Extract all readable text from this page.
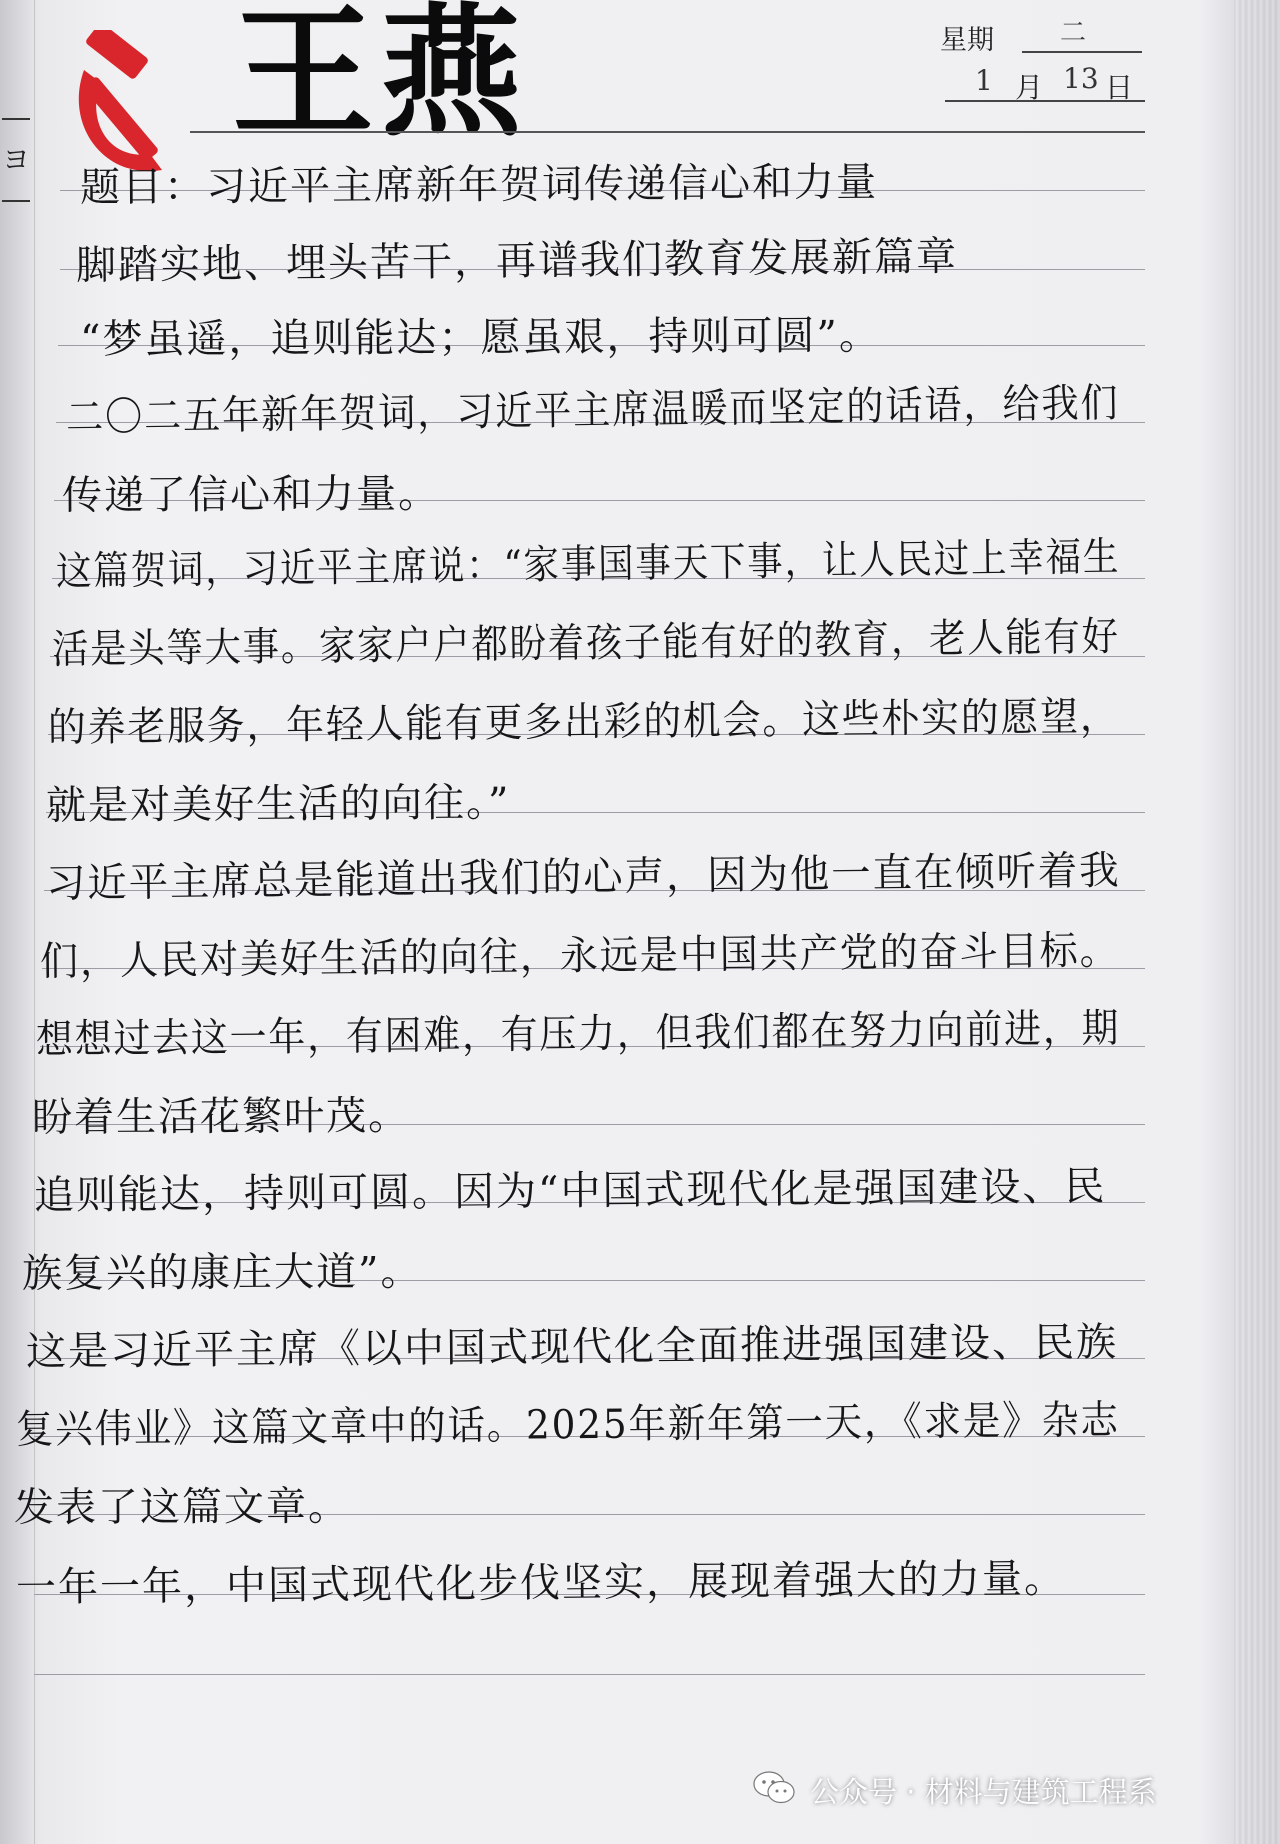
ヨ
王燕	星期	二
1 月 13 日
题目：习近平主席新年贺词传递信心和力量
脚踏实地、埋头苦干，再谱我们教育发展新篇章
“梦虽遥，追则能达；愿虽艰，持则可圆”。
二〇二五年新年贺词，习近平主席温暖而坚定的话语，给我们
传递了信心和力量。
这篇贺词，习近平主席说：“家事国事天下事，让人民过上幸福生
活是头等大事。家家户户都盼着孩子能有好的教育，老人能有好
的养老服务，年轻人能有更多出彩的机会。这些朴实的愿望，
就是对美好生活的向往。”
习近平主席总是能道出我们的心声，因为他一直在倾听着我
们，人民对美好生活的向往，永远是中国共产党的奋斗目标。
想想过去这一年，有困难，有压力，但我们都在努力向前进，期
盼着生活花繁叶茂。
追则能达，持则可圆。因为“中国式现代化是强国建设、民
族复兴的康庄大道”。
这是习近平主席《以中国式现代化全面推进强国建设、民族
复兴伟业》这篇文章中的话。2025年新年第一天，《求是》杂志
发表了这篇文章。
一年一年，中国式现代化步伐坚实，展现着强大的力量。
公众号 · 材料与建筑工程系
